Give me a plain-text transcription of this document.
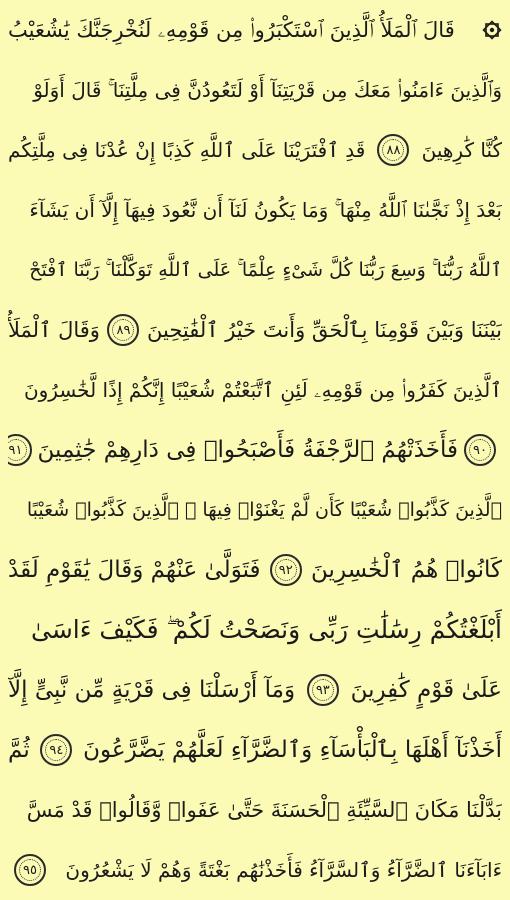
قَالَ ٱلْمَلَأُ ٱلَّذِينَ ٱسْتَكْبَرُوا۟ مِن قَوْمِهِۦ لَنُخْرِجَنَّكَ يَٰشُعَيْبُ
وَٱلَّذِينَ ءَامَنُوا۟ مَعَكَ مِن قَرْيَتِنَآ أَوْ لَتَعُودُنَّ فِى مِلَّتِنَا ۚ قَالَ أَوَلَوْ
كُنَّا كَٰرِهِينَ
٨٨
قَدِ ٱفْتَرَيْنَا عَلَى ٱللَّهِ كَذِبًا إِنْ عُدْنَا فِى مِلَّتِكُم
بَعْدَ إِذْ نَجَّىٰنَا ٱللَّهُ مِنْهَا ۚ وَمَا يَكُونُ لَنَآ أَن نَّعُودَ فِيهَآ إِلَّآ أَن يَشَآءَ
ٱللَّهُ رَبُّنَا ۚ وَسِعَ رَبُّنَا كُلَّ شَىْءٍ عِلْمًا ۚ عَلَى ٱللَّهِ تَوَكَّلْنَا ۚ رَبَّنَا ٱفْتَحْ
بَيْنَنَا وَبَيْنَ قَوْمِنَا بِٱلْحَقِّ وَأَنتَ خَيْرُ ٱلْفَٰتِحِينَ
٨٩
وَقَالَ ٱلْمَلَأُ
ٱلَّذِينَ كَفَرُوا۟ مِن قَوْمِهِۦ لَئِنِ ٱتَّبَعْتُمْ شُعَيْبًا إِنَّكُمْ إِذًا لَّخَٰسِرُونَ
٩٠
فَأَخَذَتْهُمُ ٱلرَّجْفَةُ فَأَصْبَحُوا۟ فِى دَارِهِمْ جَٰثِمِينَ
٩١
ٱلَّذِينَ كَذَّبُوا۟ شُعَيْبًا كَأَن لَّمْ يَغْنَوْا۟ فِيهَا ۚ ٱلَّذِينَ كَذَّبُوا۟ شُعَيْبًا
كَانُوا۟ هُمُ ٱلْخَٰسِرِينَ
٩٢
فَتَوَلَّىٰ عَنْهُمْ وَقَالَ يَٰقَوْمِ لَقَدْ
أَبْلَغْتُكُمْ رِسَٰلَٰتِ رَبِّى وَنَصَحْتُ لَكُمْ ۖ فَكَيْفَ ءَاسَىٰ
عَلَىٰ قَوْمٍ كَٰفِرِينَ
٩٣
وَمَآ أَرْسَلْنَا فِى قَرْيَةٍ مِّن نَّبِىٍّ إِلَّآ
أَخَذْنَآ أَهْلَهَا بِٱلْبَأْسَآءِ وَٱلضَّرَّآءِ لَعَلَّهُمْ يَضَّرَّعُونَ
٩٤
ثُمَّ
بَدَّلْنَا مَكَانَ ٱلسَّيِّئَةِ ٱلْحَسَنَةَ حَتَّىٰ عَفَوا۟ وَّقَالُوا۟ قَدْ مَسَّ
ءَابَآءَنَا ٱلضَّرَّآءُ وَٱلسَّرَّآءُ فَأَخَذْنَٰهُم بَغْتَةً وَهُمْ لَا يَشْعُرُونَ
٩٥
